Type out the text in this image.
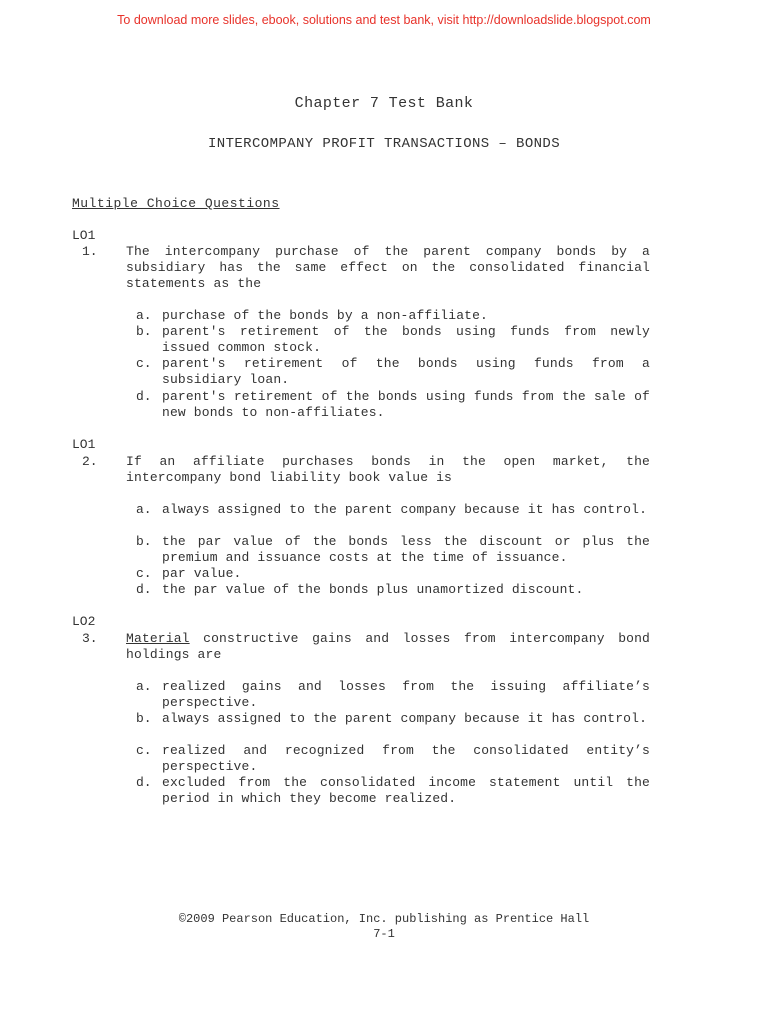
To download more slides, ebook, solutions and test bank, visit http://downloadslide.blogspot.com
Chapter 7 Test Bank
INTERCOMPANY PROFIT TRANSACTIONS – BONDS
Multiple Choice Questions
LO1
1. The intercompany purchase of the parent company bonds by a subsidiary has the same effect on the consolidated financial statements as the
a. purchase of the bonds by a non-affiliate.
b. parent's retirement of the bonds using funds from newly issued common stock.
c. parent's retirement of the bonds using funds from a subsidiary loan.
d. parent's retirement of the bonds using funds from the sale of new bonds to non-affiliates.
LO1
2. If an affiliate purchases bonds in the open market, the intercompany bond liability book value is
a. always assigned to the parent company because it has control.
b. the par value of the bonds less the discount or plus the premium and issuance costs at the time of issuance.
c. par value.
d. the par value of the bonds plus unamortized discount.
LO2
3. Material constructive gains and losses from intercompany bond holdings are
a. realized gains and losses from the issuing affiliate’s perspective.
b. always assigned to the parent company because it has control.
c. realized and recognized from the consolidated entity’s perspective.
d. excluded from the consolidated income statement until the period in which they become realized.
©2009 Pearson Education, Inc. publishing as Prentice Hall
7-1
